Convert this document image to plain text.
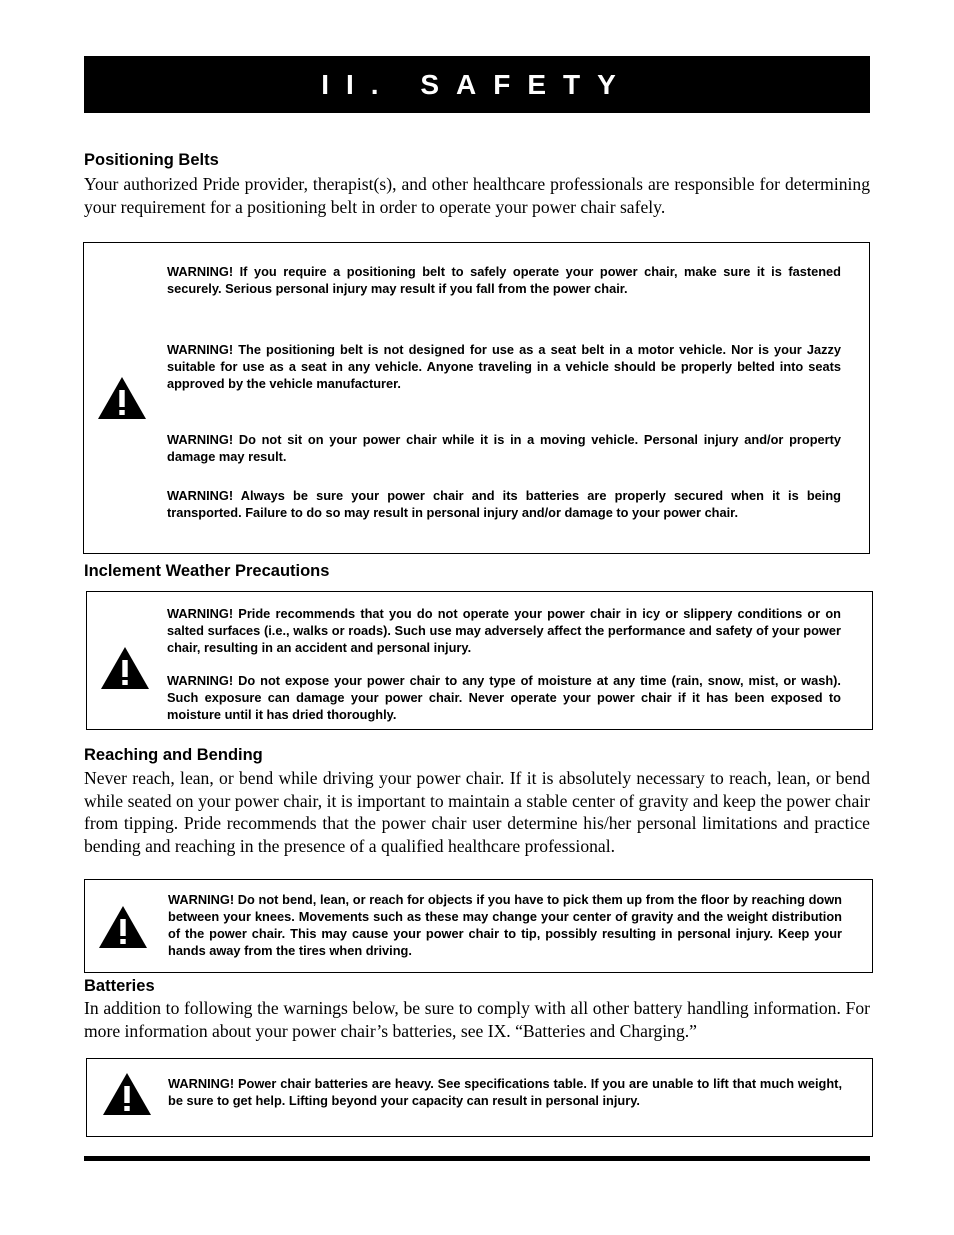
II. SAFETY
Positioning Belts

Your authorized Pride provider, therapist(s), and other healthcare professionals are responsible for determining your requirement for a positioning belt in order to operate your power chair safely.

WARNING! If you require a positioning belt to safely operate your power chair, make sure it is fastened securely. Serious personal injury may result if you fall from the power chair.

WARNING! The positioning belt is not designed for use as a seat belt in a motor vehicle. Nor is your Jazzy suitable for use as a seat in any vehicle. Anyone traveling in a vehicle should be properly belted into seats approved by the vehicle manufacturer.

WARNING! Do not sit on your power chair while it is in a moving vehicle. Personal injury and/or property damage may result.

WARNING! Always be sure your power chair and its batteries are properly secured when it is being transported. Failure to do so may result in personal injury and/or damage to your power chair.

Inclement Weather Precautions

WARNING! Pride recommends that you do not operate your power chair in icy or slippery conditions or on salted surfaces (i.e., walks or roads). Such use may adversely affect the performance and safety of your power chair, resulting in an accident and personal injury.

WARNING! Do not expose your power chair to any type of moisture at any time (rain, snow, mist, or wash). Such exposure can damage your power chair. Never operate your power chair if it has been exposed to moisture until it has dried thoroughly.

Reaching and Bending

Never reach, lean, or bend while driving your power chair. If it is absolutely necessary to reach, lean, or bend while seated on your power chair, it is important to maintain a stable center of gravity and keep the power chair from tipping. Pride recommends that the power chair user determine his/her personal limitations and practice bending and reaching in the presence of a qualified healthcare professional.

WARNING! Do not bend, lean, or reach for objects if you have to pick them up from the floor by reaching down between your knees. Movements such as these may change your center of gravity and the weight distribution of the power chair. This may cause your power chair to tip, possibly resulting in personal injury. Keep your hands away from the tires when driving.

Batteries

In addition to following the warnings below, be sure to comply with all other battery handling information. For more information about your power chair’s batteries, see IX. “Batteries and Charging.”

WARNING! Power chair batteries are heavy. See specifications table. If you are unable to lift that much weight, be sure to get help. Lifting beyond your capacity can result in personal injury.
